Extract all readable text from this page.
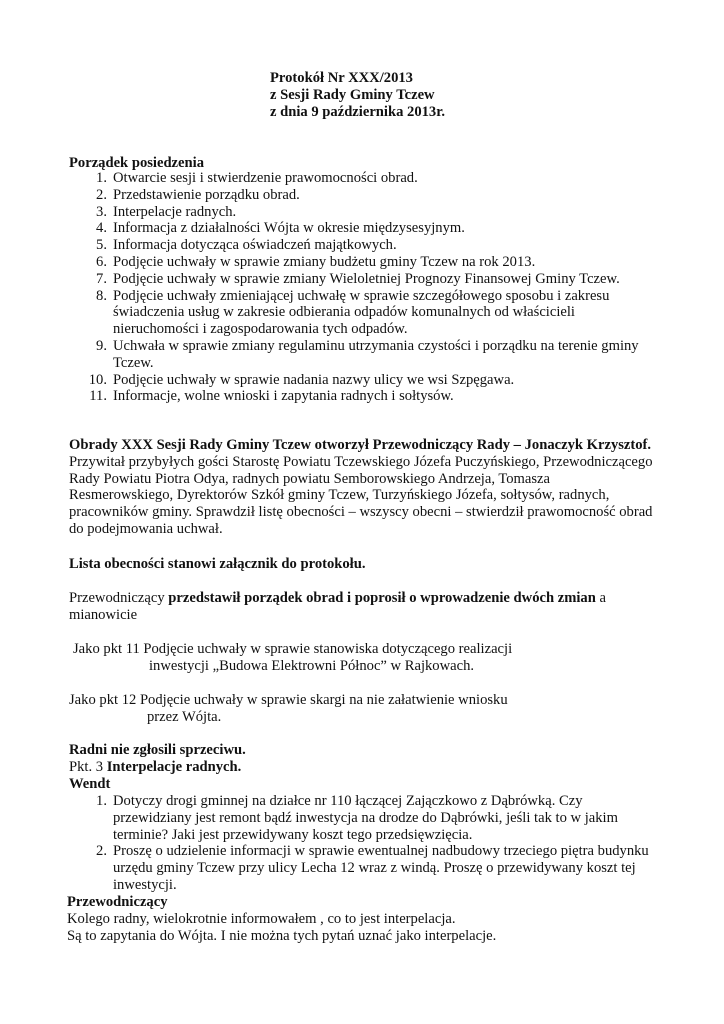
Protokół Nr XXX/2013
z Sesji Rady Gminy Tczew
z dnia 9 października 2013r.
Porządek posiedzenia
1. Otwarcie sesji i stwierdzenie prawomocności obrad.
2. Przedstawienie porządku obrad.
3. Interpelacje radnych.
4. Informacja z działalności Wójta w okresie międzysesyjnym.
5. Informacja dotycząca oświadczeń majątkowych.
6. Podjęcie uchwały w sprawie zmiany budżetu gminy Tczew na rok 2013.
7. Podjęcie uchwały w sprawie zmiany Wieloletniej Prognozy Finansowej Gminy Tczew.
8. Podjęcie uchwały zmieniającej uchwałę w sprawie szczegółowego sposobu i zakresu
świadczenia usług w zakresie odbierania odpadów komunalnych od właścicieli
nieruchomości i zagospodarowania tych odpadów.
9. Uchwała w sprawie zmiany regulaminu utrzymania czystości i porządku na terenie gminy
Tczew.
10. Podjęcie uchwały w sprawie nadania nazwy ulicy we wsi Szpęgawa.
11. Informacje, wolne wnioski i zapytania radnych i sołtysów.
Obrady XXX Sesji Rady Gminy Tczew otworzył Przewodniczący Rady – Jonaczyk Krzysztof.
Przywitał przybyłych gości Starostę Powiatu Tczewskiego Józefa Puczyńskiego, Przewodniczącego
Rady Powiatu Piotra Odya, radnych powiatu Semborowskiego Andrzeja, Tomasza
Resmerowskiego, Dyrektorów Szkół gminy Tczew, Turzyńskiego Józefa, sołtysów, radnych,
pracowników gminy. Sprawdził listę obecności – wszyscy obecni – stwierdził prawomocność obrad
do podejmowania uchwał.
Lista obecności stanowi załącznik do protokołu.
Przewodniczący przedstawił porządek obrad i poprosił o wprowadzenie dwóch zmian a
mianowicie
Jako pkt 11 Podjęcie uchwały w sprawie stanowiska dotyczącego realizacji
inwestycji „Budowa Elektrowni Północ” w Rajkowach.
Jako pkt 12 Podjęcie uchwały w sprawie skargi na nie załatwienie wniosku
przez Wójta.
Radni nie zgłosili sprzeciwu.
Pkt. 3 Interpelacje radnych.
Wendt
1. Dotyczy drogi gminnej na działce nr 110 łączącej Zajączkowo z Dąbrówką. Czy
przewidziany jest remont bądź inwestycja na drodze do Dąbrówki, jeśli tak to w jakim
terminie? Jaki jest przewidywany koszt tego przedsięwzięcia.
2. Proszę o udzielenie informacji w sprawie ewentualnej nadbudowy trzeciego piętra budynku
urzędu gminy Tczew przy ulicy Lecha 12 wraz z windą. Proszę o przewidywany koszt tej
inwestycji.
Przewodniczący
Kolego radny, wielokrotnie informowałem , co to jest interpelacja.
Są to zapytania do Wójta. I nie można tych pytań uznać jako interpelacje.
